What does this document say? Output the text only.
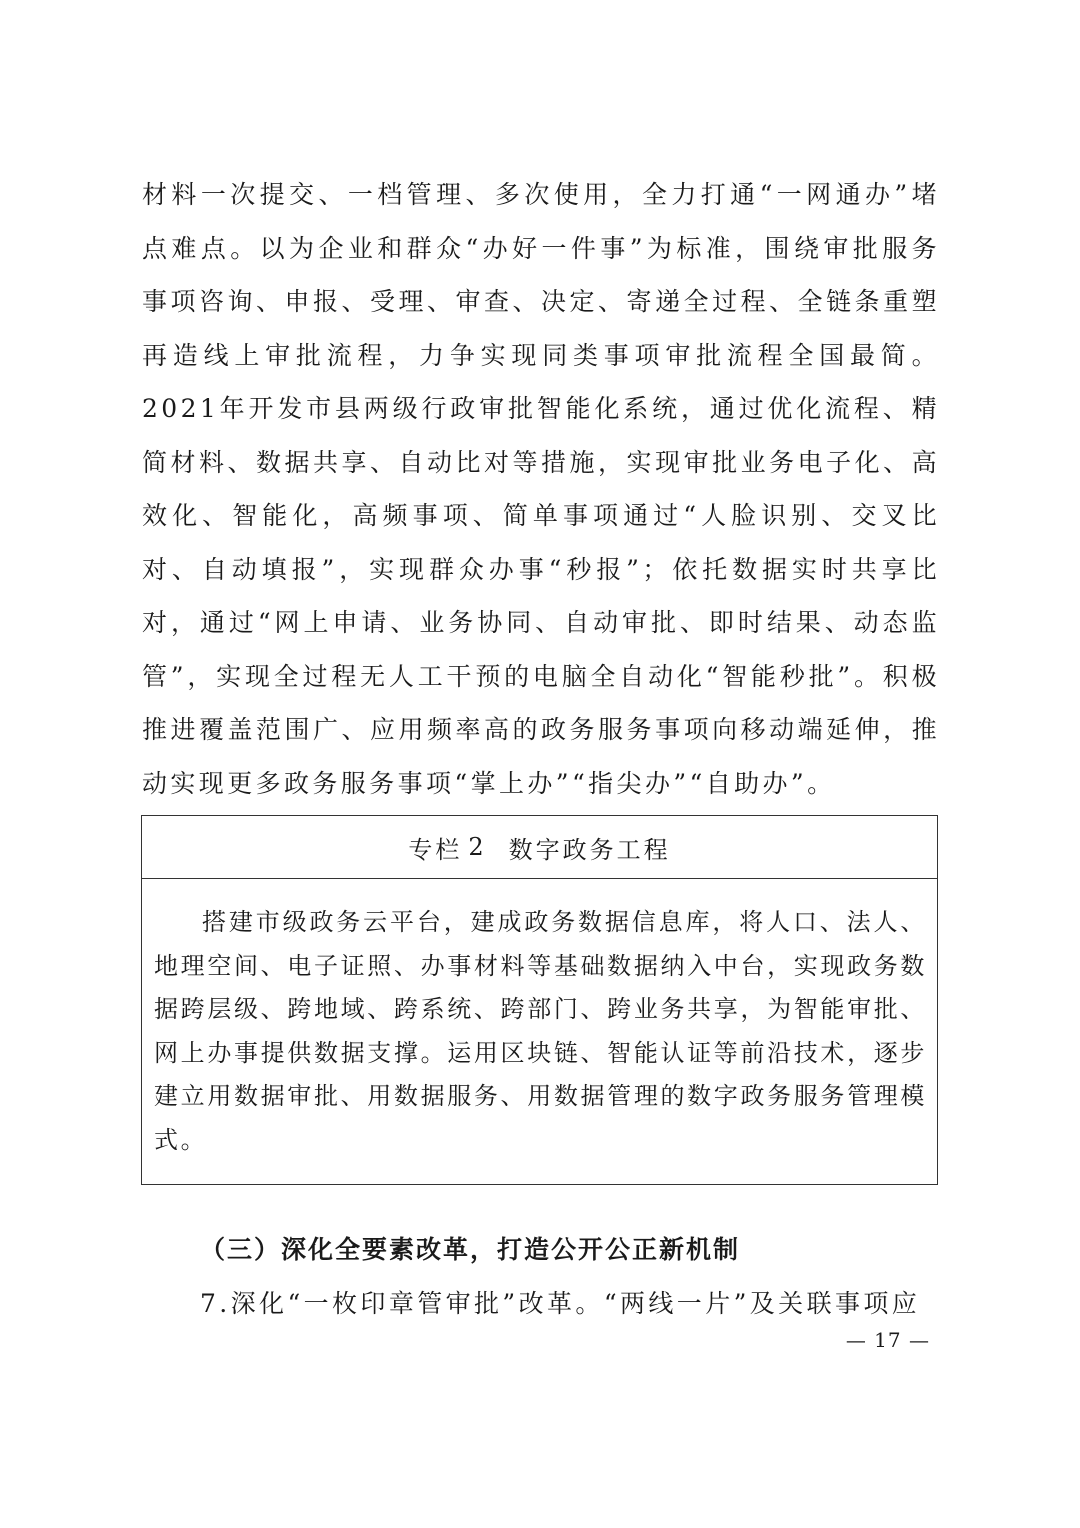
材料一次提交、一档管理、多次使用，全力打通“一网通办”堵点难点。以为企业和群众“办好一件事”为标准，围绕审批服务事项咨询、申报、受理、审查、决定、寄递全过程、全链条重塑再造线上审批流程，力争实现同类事项审批流程全国最简。2021年开发市县两级行政审批智能化系统，通过优化流程、精简材料、数据共享、自动比对等措施，实现审批业务电子化、高效化、智能化，高频事项、简单事项通过“人脸识别、交叉比对、自动填报”，实现群众办事“秒报”；依托数据实时共享比对，通过“网上申请、业务协同、自动审批、即时结果、动态监管”，实现全过程无人工干预的电脑全自动化“智能秒批”。积极推进覆盖范围广、应用频率高的政务服务事项向移动端延伸，推动实现更多政务服务事项“掌上办”“指尖办”“自助办”。

专栏 2 数字政务工程

搭建市级政务云平台，建成政务数据信息库，将人口、法人、地理空间、电子证照、办事材料等基础数据纳入中台，实现政务数据跨层级、跨地域、跨系统、跨部门、跨业务共享，为智能审批、网上办事提供数据支撑。运用区块链、智能认证等前沿技术，逐步建立用数据审批、用数据服务、用数据管理的数字政务服务管理模式。

（三）深化全要素改革，打造公开公正新机制

7.深化“一枚印章管审批”改革。“两线一片”及关联事项应

— 17 —
